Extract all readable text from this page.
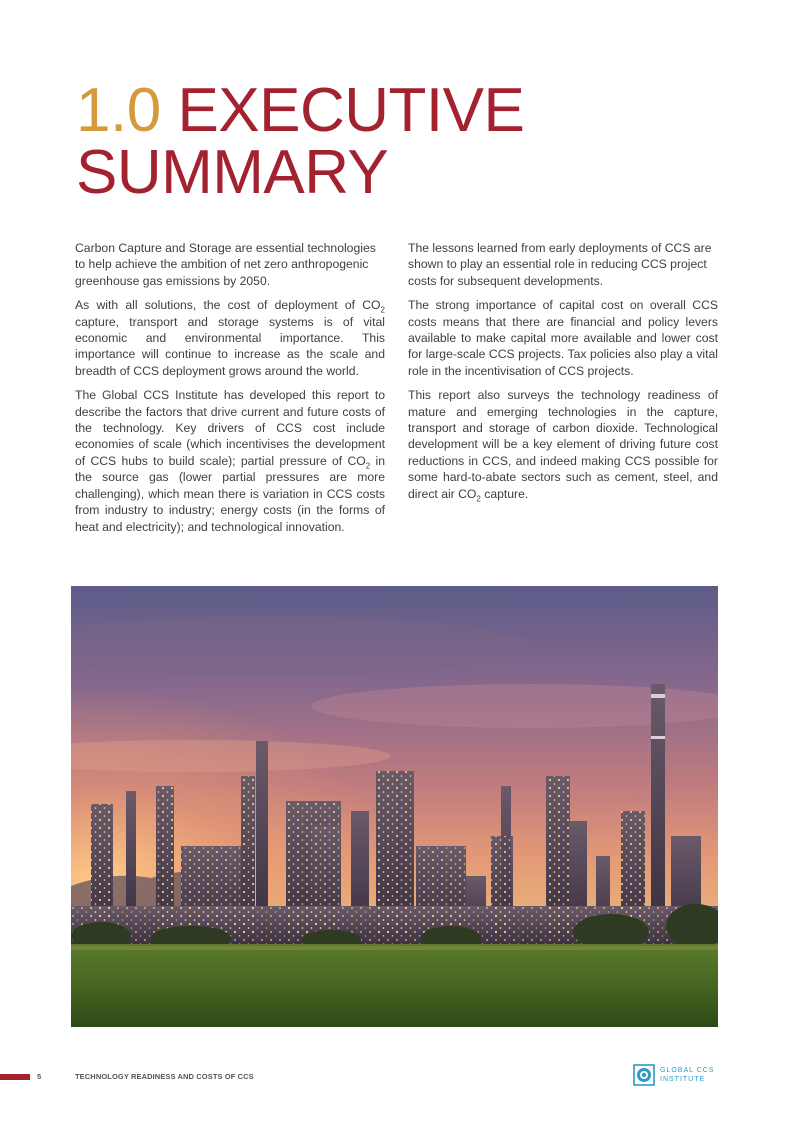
1.0 EXECUTIVE
SUMMARY

Carbon Capture and Storage are essential technologies to help achieve the ambition of net zero anthropogenic greenhouse gas emissions by 2050.

As with all solutions, the cost of deployment of $CO_2$ capture, transport and storage systems is of vital economic and environmental importance. This importance will continue to increase as the scale and breadth of CCS deployment grows around the world.

The Global CCS Institute has developed this report to describe the factors that drive current and future costs of the technology. Key drivers of CCS cost include economies of scale (which incentivises the development of CCS hubs to build scale); partial pressure of $CO_2$ in the source gas (lower partial pressures are more challenging), which mean there is variation in CCS costs from industry to industry; energy costs (in the forms of heat and electricity); and technological innovation.

The lessons learned from early deployments of CCS are shown to play an essential role in reducing CCS project costs for subsequent developments.

The strong importance of capital cost on overall CCS costs means that there are financial and policy levers available to make capital more available and lower cost for large-scale CCS projects. Tax policies also play a vital role in the incentivisation of CCS projects.

This report also surveys the technology readiness of mature and emerging technologies in the capture, transport and storage of carbon dioxide. Technological development will be a key element of driving future cost reductions in CCS, and indeed making CCS possible for some hard-to-abate sectors such as cement, steel, and direct air $CO_2$ capture.

5	TECHNOLOGY READINESS AND COSTS OF CCS
GLOBAL CCS
INSTITUTE
